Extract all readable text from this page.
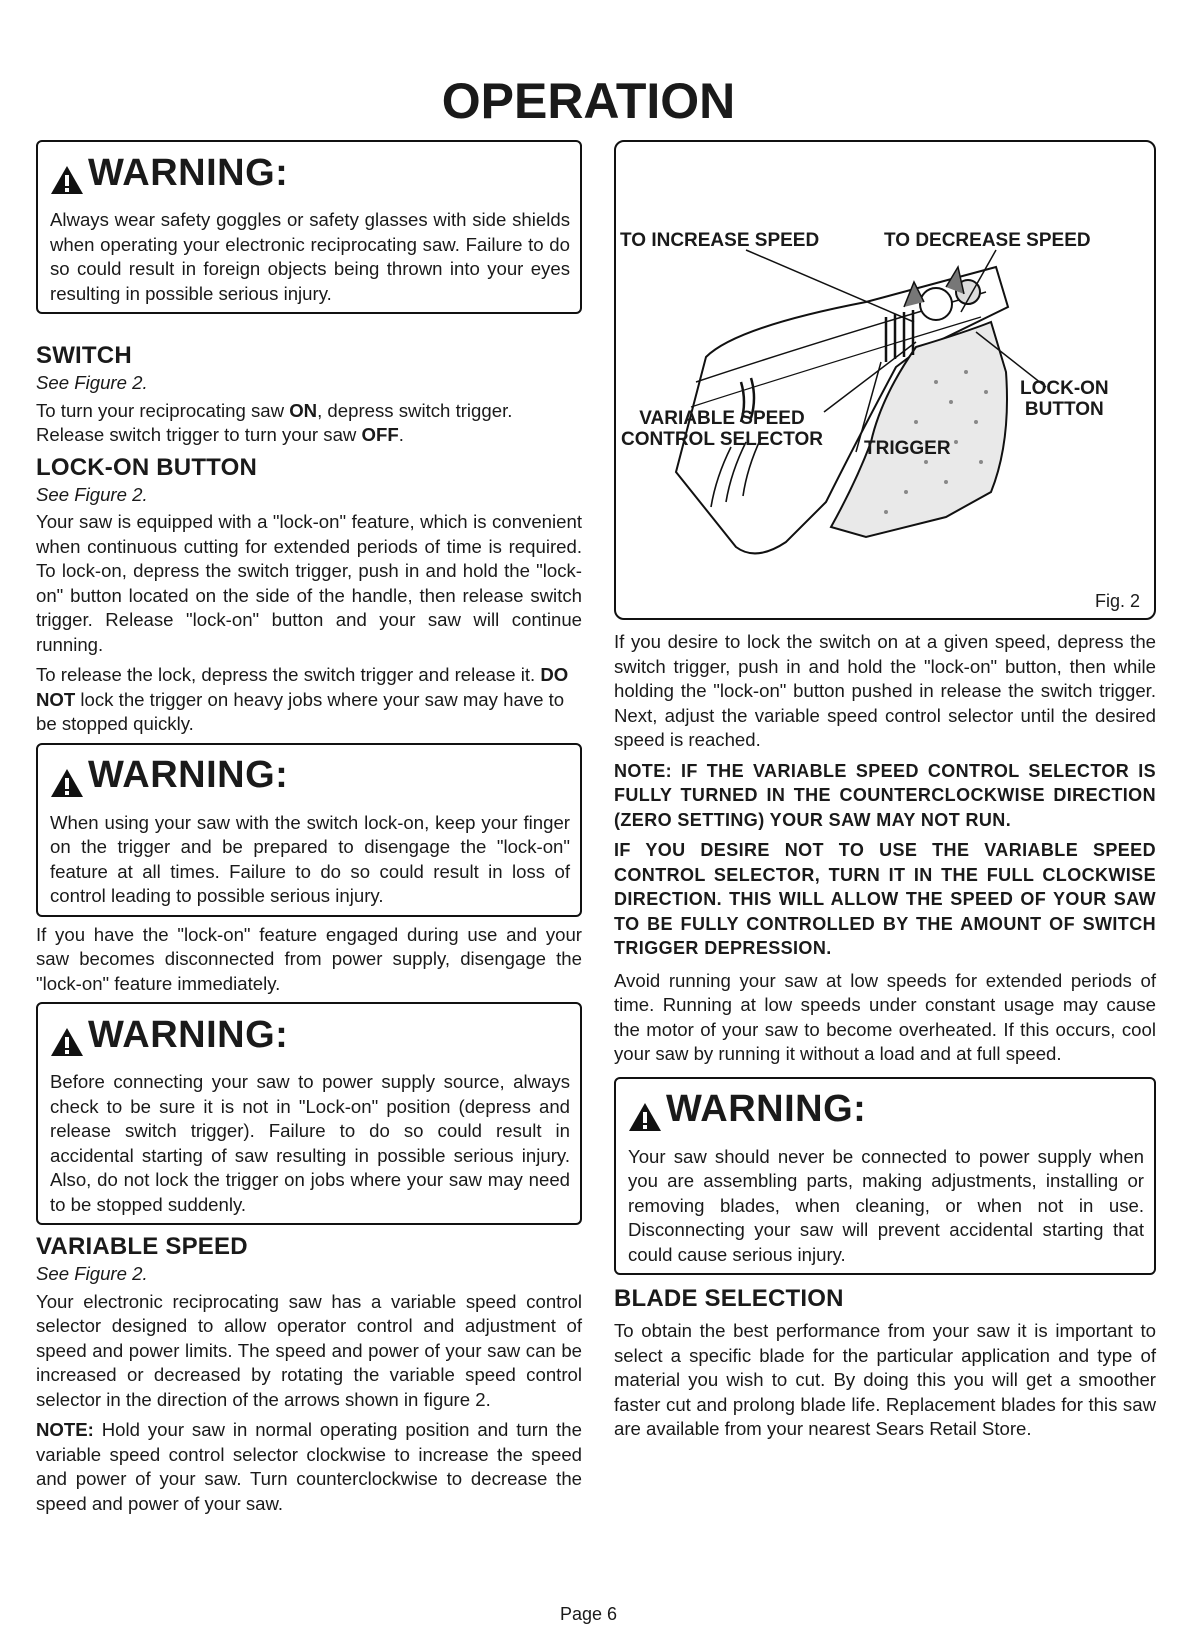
OPERATION
WARNING:

Always wear safety goggles or safety glasses with side shields when operating your electronic reciprocating saw. Failure to do so could result in foreign objects being thrown into your eyes resulting in possible serious injury.

SWITCH

See Figure 2.

To turn your reciprocating saw ON, depress switch trigger. Release switch trigger to turn your saw OFF.

LOCK-ON BUTTON

See Figure 2.

Your saw is equipped with a "lock-on" feature, which is convenient when continuous cutting for extended periods of time is required. To lock-on, depress the switch trigger, push in and hold the "lock-on" button located on the side of the handle, then release switch trigger. Release "lock-on" button and your saw will continue running.

To release the lock, depress the switch trigger and release it. DO NOT lock the trigger on heavy jobs where your saw may have to be stopped quickly.

WARNING:

When using your saw with the switch lock-on, keep your finger on the trigger and be prepared to disengage the "lock-on" feature at all times. Failure to do so could result in loss of control leading to possible serious injury.

If you have the "lock-on" feature engaged during use and your saw becomes disconnected from power supply, disengage the "lock-on" feature immediately.

WARNING:

Before connecting your saw to power supply source, always check to be sure it is not in "Lock-on" position (depress and release switch trigger). Failure to do so could result in accidental starting of saw resulting in possible serious injury. Also, do not lock the trigger on jobs where your saw may need to be stopped suddenly.

VARIABLE SPEED

See Figure 2.

Your electronic reciprocating saw has a variable speed control selector designed to allow operator control and adjustment of speed and power limits. The speed and power of your saw can be increased or decreased by rotating the variable speed control selector in the direction of the arrows shown in figure 2.

NOTE: Hold your saw in normal operating position and turn the variable speed control selector clockwise to increase the speed and power of your saw. Turn counterclockwise to decrease the speed and power of your saw.

TO INCREASE SPEED	TO DECREASE SPEED
LOCK-ON
BUTTON
VARIABLE SPEED
CONTROL SELECTOR TRIGGER
Fig. 2

If you desire to lock the switch on at a given speed, depress the switch trigger, push in and hold the "lock-on" button, then while holding the "lock-on" button pushed in release the switch trigger. Next, adjust the variable speed control selector until the desired speed is reached.

NOTE: IF THE VARIABLE SPEED CONTROL SELECTOR IS FULLY TURNED IN THE COUNTERCLOCKWISE DIRECTION (ZERO SETTING) YOUR SAW MAY NOT RUN.

IF YOU DESIRE NOT TO USE THE VARIABLE SPEED CONTROL SELECTOR, TURN IT IN THE FULL CLOCKWISE DIRECTION. THIS WILL ALLOW THE SPEED OF YOUR SAW TO BE FULLY CONTROLLED BY THE AMOUNT OF SWITCH TRIGGER DEPRESSION.

Avoid running your saw at low speeds for extended periods of time. Running at low speeds under constant usage may cause the motor of your saw to become overheated. If this occurs, cool your saw by running it without a load and at full speed.

WARNING:

Your saw should never be connected to power supply when you are assembling parts, making adjustments, installing or removing blades, when cleaning, or when not in use. Disconnecting your saw will prevent accidental starting that could cause serious injury.

BLADE SELECTION

To obtain the best performance from your saw it is important to select a specific blade for the particular application and type of material you wish to cut. By doing this you will get a smoother faster cut and prolong blade life. Replacement blades for this saw are available from your nearest Sears Retail Store.

Page 6
